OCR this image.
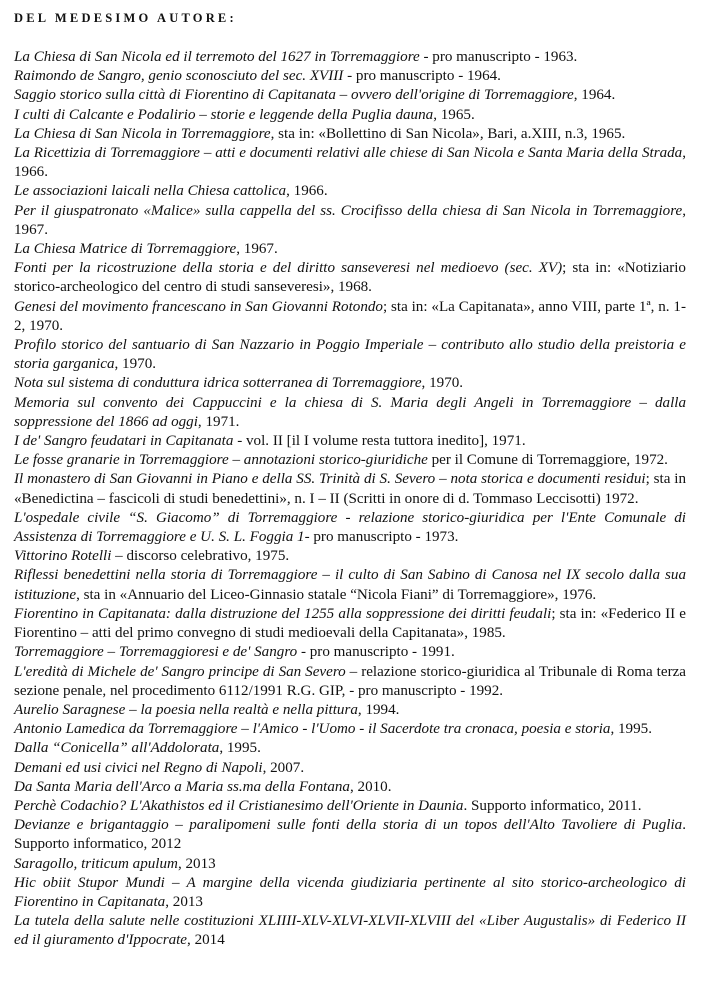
DEL MEDESIMO AUTORE:
La Chiesa di San Nicola ed il terremoto del 1627 in Torremaggiore - pro manuscripto - 1963.
Raimondo de Sangro, genio sconosciuto del sec. XVIII - pro manuscripto - 1964.
Saggio storico sulla città di Fiorentino di Capitanata – ovvero dell'origine di Torremaggiore, 1964.
I culti di Calcante e Podalirio – storie e leggende della Puglia dauna, 1965.
La Chiesa di San Nicola in Torremaggiore, sta in: «Bollettino di San Nicola», Bari, a.XIII, n.3, 1965.
La Ricettizia di Torremaggiore – atti e documenti relativi alle chiese di San Nicola e Santa Maria della Strada, 1966.
Le associazioni laicali nella Chiesa cattolica, 1966.
Per il giuspatronato «Malice» sulla cappella del ss. Crocifisso della chiesa di San Nicola in Torremaggiore, 1967.
La Chiesa Matrice di Torremaggiore, 1967.
Fonti per la ricostruzione della storia e del diritto sanseveresi nel medioevo (sec. XV); sta in: «Notiziario storico-archeologico del centro di studi sanseveresi», 1968.
Genesi del movimento francescano in San Giovanni Rotondo; sta in: «La Capitanata», anno VIII, parte 1ª, n. 1-2, 1970.
Profilo storico del santuario di San Nazzario in Poggio Imperiale – contributo allo studio della preistoria e storia garganica, 1970.
Nota sul sistema di conduttura idrica sotterranea di Torremaggiore, 1970.
Memoria sul convento dei Cappuccini e la chiesa di S. Maria degli Angeli in Torremaggiore – dalla soppressione del 1866 ad oggi, 1971.
I de' Sangro feudatari in Capitanata - vol. II [il I volume resta tuttora inedito], 1971.
Le fosse granarie in Torremaggiore – annotazioni storico-giuridiche per il Comune di Torremaggiore, 1972.
Il monastero di San Giovanni in Piano e della SS. Trinità di S. Severo – nota storica e documenti residui; sta in «Benedictina – fascicoli di studi benedettini», n. I – II (Scritti in onore di d. Tommaso Leccisotti) 1972.
L'ospedale civile “S. Giacomo” di Torremaggiore - relazione storico-giuridica per l'Ente Comunale di Assistenza di Torremaggiore e U. S. L. Foggia 1- pro manuscripto - 1973.
Vittorino Rotelli – discorso celebrativo, 1975.
Riflessi benedettini nella storia di Torremaggiore – il culto di San Sabino di Canosa nel IX secolo dalla sua istituzione, sta in «Annuario del Liceo-Ginnasio statale “Nicola Fiani” di Torremaggiore», 1976.
Fiorentino in Capitanata: dalla distruzione del 1255 alla soppressione dei diritti feudali; sta in: «Federico II e Fiorentino – atti del primo convegno di studi medioevali della Capitanata», 1985.
Torremaggiore – Torremaggioresi e de' Sangro - pro manuscripto - 1991.
L'eredità di Michele de' Sangro principe di San Severo – relazione storico-giuridica al Tribunale di Roma terza sezione penale, nel procedimento 6112/1991 R.G. GIP, - pro manuscripto - 1992.
Aurelio Saragnese – la poesia nella realtà e nella pittura, 1994.
Antonio Lamedica da Torremaggiore – l'Amico - l'Uomo - il Sacerdote tra cronaca, poesia e storia, 1995.
Dalla “Conicella” all'Addolorata, 1995.
Demani ed usi civici nel Regno di Napoli, 2007.
Da Santa Maria dell'Arco a Maria ss.ma della Fontana, 2010.
Perchè Codachio? L'Akathistos ed il Cristianesimo dell'Oriente in Daunia. Supporto informatico, 2011.
Devianze e brigantaggio – paralipomeni sulle fonti della storia di un topos dell'Alto Tavoliere di Puglia. Supporto informatico, 2012
Saragollo, triticum apulum, 2013
Hic obiit Stupor Mundi – A margine della vicenda giudiziaria pertinente al sito storico-archeologico di Fiorentino in Capitanata, 2013
La tutela della salute nelle costituzioni XLIIII-XLV-XLVI-XLVII-XLVIII del «Liber Augustalis» di Federico II ed il giuramento d'Ippocrate, 2014
